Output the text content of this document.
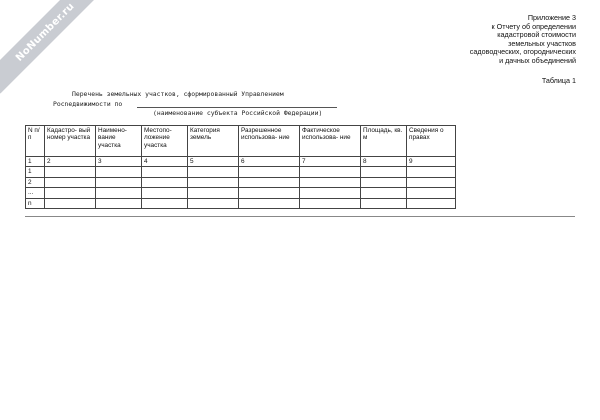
NoNumber.ru	Приложение 3
к Отчету об определении
кадастровой стоимости
земельных участков
садоводческих, огороднических
и дачных объединений
Таблица 1
Перечень земельных участков, сформированный Управлением
Росnедвижимости по
(наименование субъекта Российской Федерации)
N п/п	Кадастро- вый номер участка	Наимено- вание участка	Местопо- ложение участка	Категория земель	Разрешенное использова- ние	Фактическое использова- ние	Площадь, кв. м	Сведения о правах
1	2	3	4	5	6	7	8	9
1								
2								
...								
n								
